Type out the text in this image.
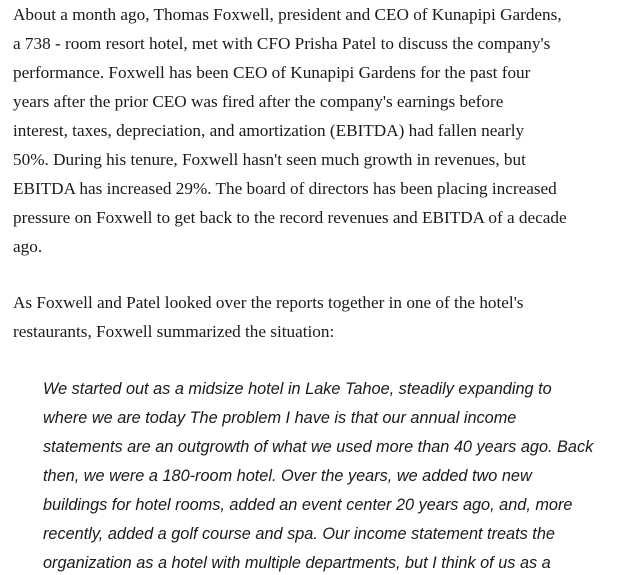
About a month ago, Thomas Foxwell, president and CEO of Kunapipi Gardens,
a 738 - room resort hotel, met with CFO Prisha Patel to discuss the company's
performance. Foxwell has been CEO of Kunapipi Gardens for the past four
years after the prior CEO was fired after the company's earnings before
interest, taxes, depreciation, and amortization (EBITDA) had fallen nearly
50%. During his tenure, Foxwell hasn't seen much growth in revenues, but
EBITDA has increased 29%. The board of directors has been placing increased
pressure on Foxwell to get back to the record revenues and EBITDA of a decade
ago.

As Foxwell and Patel looked over the reports together in one of the hotel's
restaurants, Foxwell summarized the situation:

We started out as a midsize hotel in Lake Tahoe, steadily expanding to
where we are today The problem I have is that our annual income
statements are an outgrowth of what we used more than 40 years ago. Back
then, we were a 180-room hotel. Over the years, we added two new
buildings for hotel rooms, added an event center 20 years ago, and, more
recently, added a golf course and spa. Our income statement treats the
organization as a hotel with multiple departments, but I think of us as a
